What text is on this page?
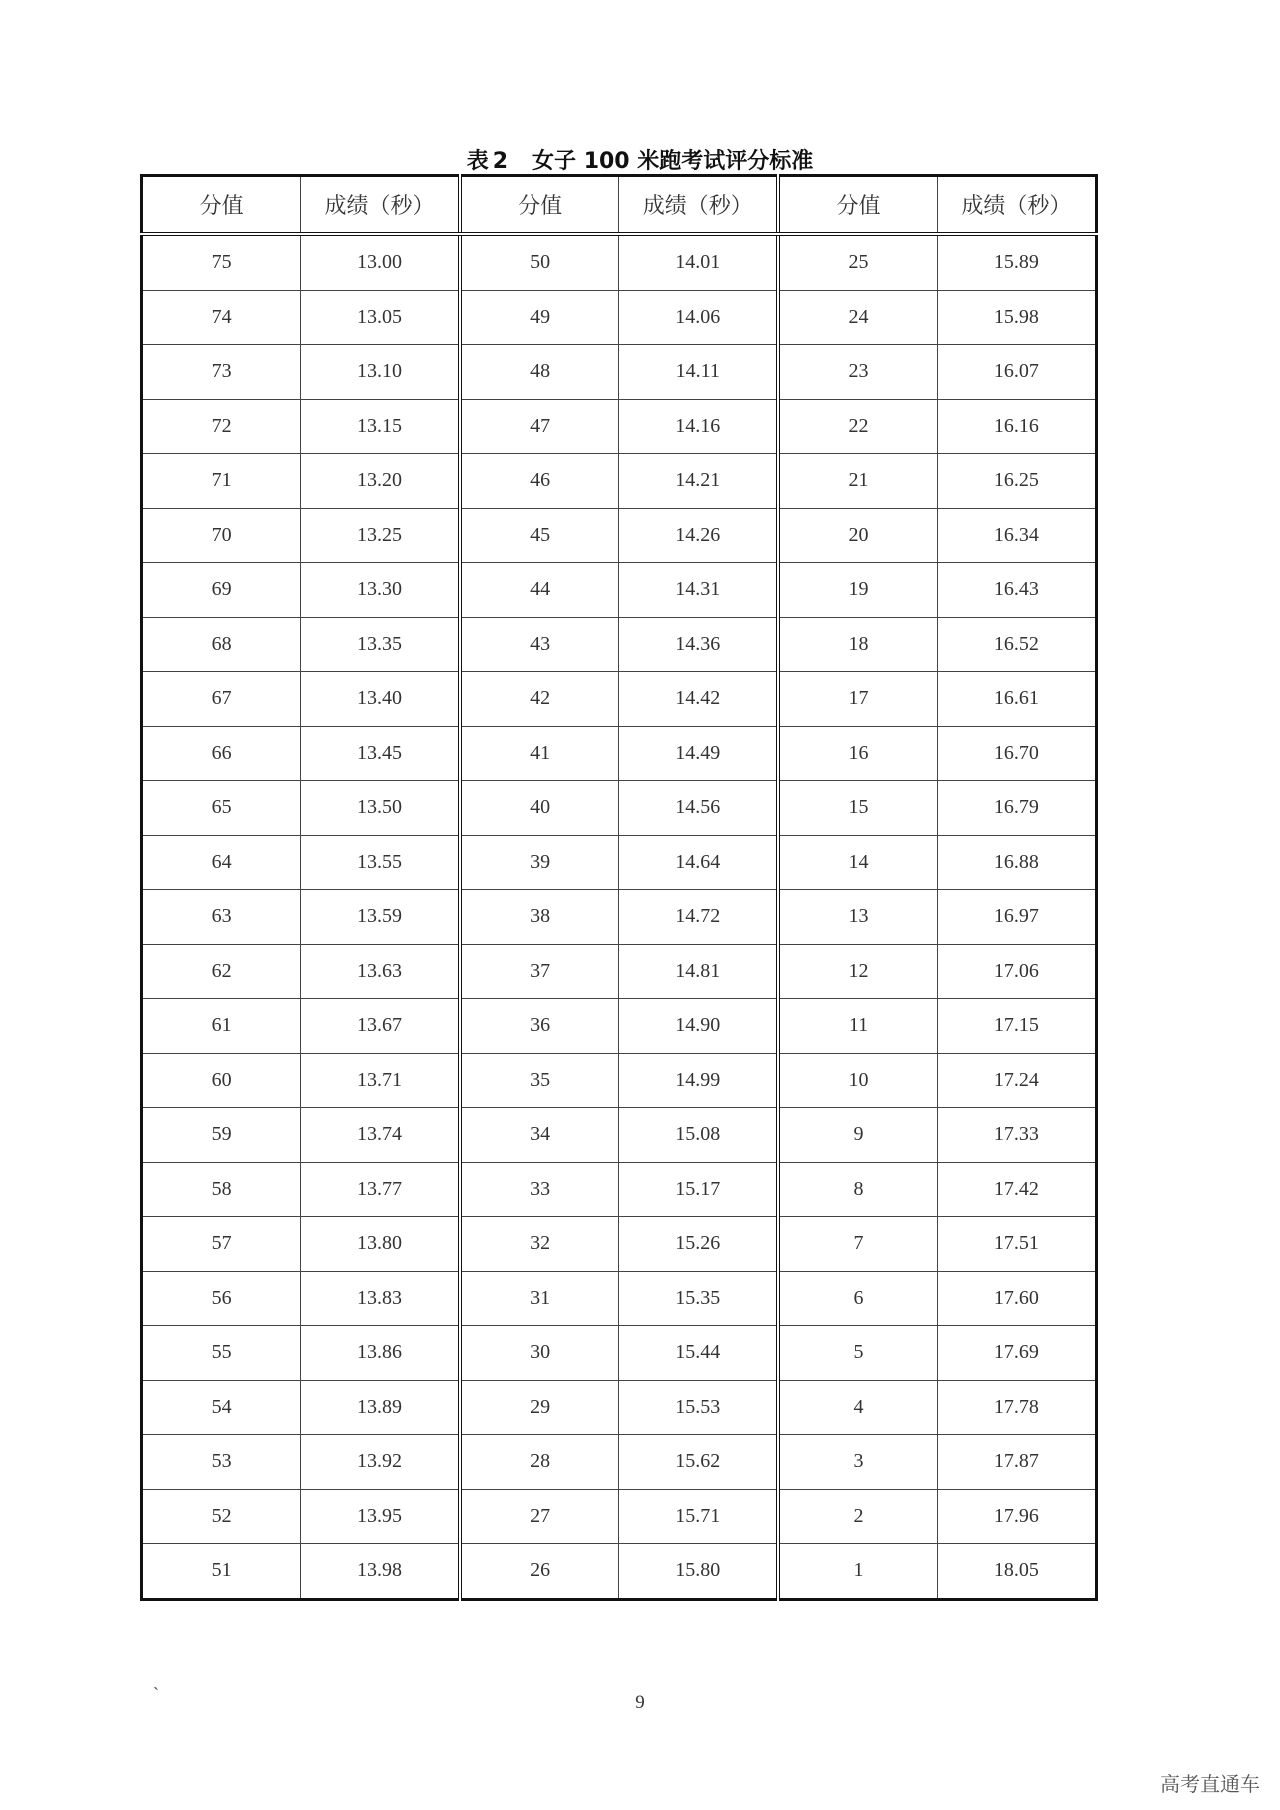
表 2 女子 100 米跑考试评分标准
分值	成绩（秒）	分值	成绩（秒）	分值	成绩（秒）
75	13.00	50	14.01	25	15.89
74	13.05	49	14.06	24	15.98
73	13.10	48	14.11	23	16.07
72	13.15	47	14.16	22	16.16
71	13.20	46	14.21	21	16.25
70	13.25	45	14.26	20	16.34
69	13.30	44	14.31	19	16.43
68	13.35	43	14.36	18	16.52
67	13.40	42	14.42	17	16.61
66	13.45	41	14.49	16	16.70
65	13.50	40	14.56	15	16.79
64	13.55	39	14.64	14	16.88
63	13.59	38	14.72	13	16.97
62	13.63	37	14.81	12	17.06
61	13.67	36	14.90	11	17.15
60	13.71	35	14.99	10	17.24
59	13.74	34	15.08	9	17.33
58	13.77	33	15.17	8	17.42
57	13.80	32	15.26	7	17.51
56	13.83	31	15.35	6	17.60
55	13.86	30	15.44	5	17.69
54	13.89	29	15.53	4	17.78
53	13.92	28	15.62	3	17.87
52	13.95	27	15.71	2	17.96
51	13.98	26	15.80	1	18.05
`	9
高考直通车
